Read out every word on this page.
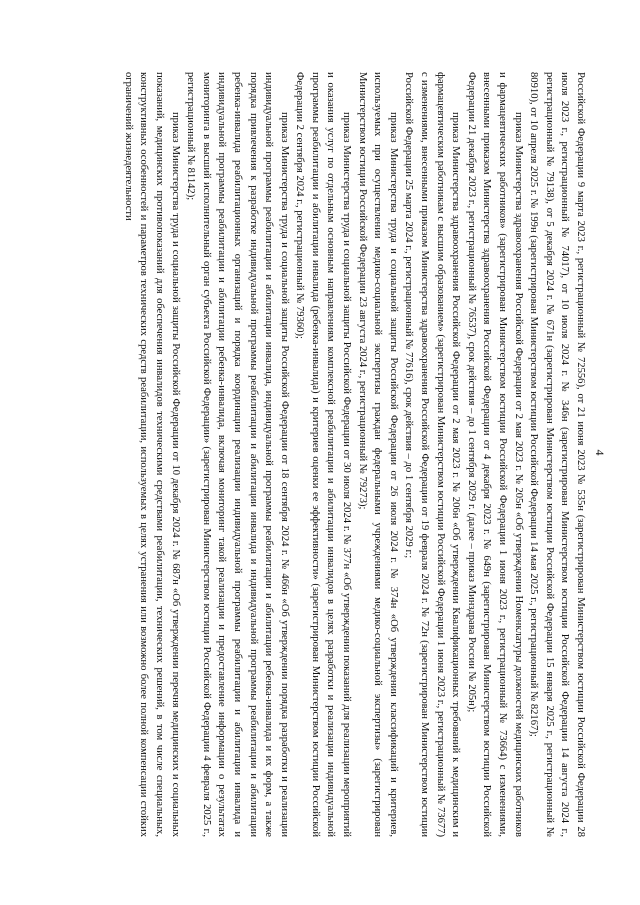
4

Российской Федерации 9 марта 2023 г., регистрационный № 72556), от 21 июня 2023 № 535н (зарегистрирован Министерством юстиции Российской Федерации 28 июля 2023 г., регистрационный № 74017), от 10 июля 2024 г. № 346н (зарегистрирован Министерством юстиции Российской Федерации 14 августа 2024 г., регистрационный № 79138), от 5 декабря 2024 г. № 671н (зарегистрирован Министерством юстиции Российской Федерации 15 января 2025 г., регистрационный № 80910), от 10 апреля 2025 г. № 199н (зарегистрирован Министерством юстиции Российской Федерации 14 мая 2025 г., регистрационный № 82167);

приказ Министерства здравоохранения Российской Федерации от 2 мая 2023 г. № 205н «Об утверждении Номенклатуры должностей медицинских работников и фармацевтических работников» (зарегистрирован Министерством юстиции Российской Федерации 1 июня 2023 г., регистрационный № 73664) с изменениями, внесенными приказом Министерства здравоохранения Российской Федерации от 4 декабря 2023 г. № 649н (зарегистрирован Министерством юстиции Российской Федерации 21 декабря 2023 г., регистрационный № 76537), срок действия – до 1 сентября 2029 г. (далее – приказ Минздрава России № 205н);

приказ Министерства здравоохранения Российской Федерации от 2 мая 2023 г. № 206н «Об утверждении Квалификационных требований к медицинским и фармацевтическим работникам с высшим образованием» (зарегистрирован Министерством юстиции Российской Федерации 1 июня 2023 г., регистрационный № 73677) с изменениями, внесенными приказом Министерства здравоохранения Российской Федерации от 19 февраля 2024 г. № 72н (зарегистрирован Министерством юстиции Российской Федерации 25 марта 2024 г., регистрационный № 77616), срок действия – до 1 сентября 2029 г.;

приказ Министерства труда и социальной защиты Российской Федерации от 26 июля 2024 г. № 374н «Об утверждении классификаций и критериев, используемых при осуществлении медико-социальной экспертизы граждан федеральными учреждениями медико-социальной экспертизы» (зарегистрирован Министерством юстиции Российской Федерации 23 августа 2024 г., регистрационный № 79273);

приказ Министерства труда и социальной защиты Российской Федерации от 30 июля 2024 г. № 377н «Об утверждении показаний для реализации мероприятий и оказания услуг по отдельным основным направлениям комплексной реабилитации и абилитации инвалидов в целях разработки и реализации индивидуальной программы реабилитации и абилитации инвалида (ребенка-инвалида) и критериев оценки ее эффективности» (зарегистрирован Министерством юстиции Российской Федерации 2 сентября 2024 г., регистрационный № 79360);

приказ Министерства труда и социальной защиты Российской Федерации от 18 сентября 2024 г. № 466н «Об утверждении порядка разработки и реализации индивидуальной программы реабилитации и абилитации инвалида, индивидуальной программы реабилитации и абилитации ребенка-инвалида и их форм, а также порядка привлечения к разработке индивидуальной программы реабилитации и абилитации инвалида и индивидуальной программы реабилитации и абилитации ребенка-инвалида реабилитационных организаций и порядка координации реализации индивидуальной программы реабилитации и абилитации инвалида и индивидуальной программы реабилитации и абилитации ребенка-инвалида, включая мониторинг такой реализации и предоставление информации о результатах мониторинга в высший исполнительный орган субъекта Российской Федерации» (зарегистрирован Министерством юстиции Российской Федерации 4 февраля 2025 г., регистрационный № 81142);

приказ Министерства труда и социальной защиты Российской Федерации от 10 декабря 2024 г. № 687н «Об утверждении перечня медицинских и социальных показаний, медицинских противопоказаний для обеспечения инвалидов техническими средствами реабилитации, технических решений, в том числе специальных, конструктивных особенностей и параметров технических средств реабилитации, используемых в целях устранения или возможно более полной компенсации стойких ограничений жизнедеятельности
